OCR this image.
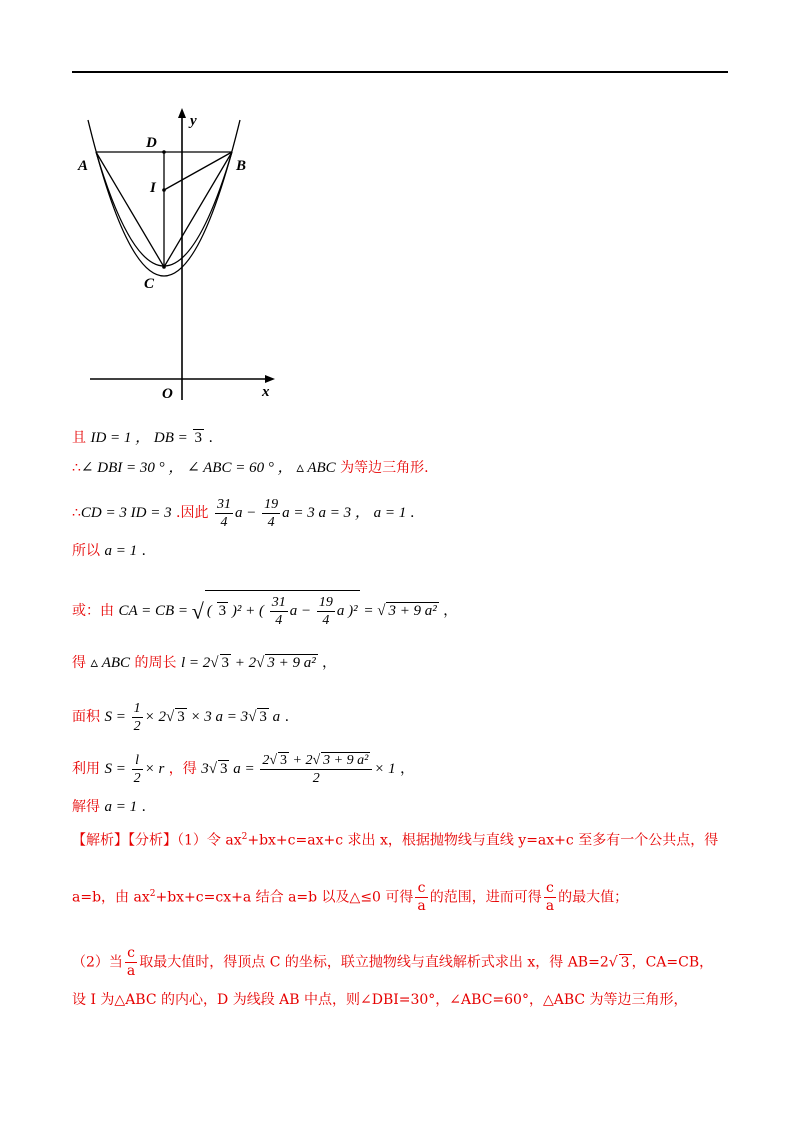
y
x
O
A	B
C
D
I
且 ID = 1 ， DB = 3 .
∴∠ DBI = 30 ° ， ∠ ABC = 60 ° ， ▵ ABC 为等边三角形.
∴CD = 3 ID = 3 .因此 $\frac{31}{4}$ $a - \frac{19}{4}$ a = 3 a = 3 ， a = 1 .
所以 a = 1 .
或：由 CA = CB = √ ( 3 )² + ( $\frac{31}{4}$ $a - \frac{19}{4}$ a )² = √ 3 + 9 a² ，
得 ▵ ABC 的周长 l = 2√ 3 + 2√ 3 + 9 a² ，
面积 $S = \frac{1}{2} \times 2√$ 3 × 3 a = 3√ 3 a .
利用 $S = \frac{l}{2} \times r$ ，得 3√ 3 $a = \frac{\text{2√ 3 + 2√ 3 + 9 a²}}{2} \times 1$ ，
解得 a = 1 .
【解析】【分析】（1）令 $ax^2+bx+c=ax+c$ 求出 x，根据抛物线与直线 y=ax+c 至多有一个公共点，得
a=b，由 $ax^2+bx+c=cx+a$ 结合 a=b 以及△≤0 可得 $\frac{c}{a}$ 的范围，进而可得 $\frac{c}{a}$ 的最大值；
（2）当 $\frac{c}{a}$ 取最大值时，得顶点 C 的坐标，联立抛物线与直线解析式求出 x，得 AB=2√ 3 ，CA=CB，
设 I 为△ABC 的内心，D 为线段 AB 中点，则∠DBI=30°，∠ABC=60°，△ABC 为等边三角形，
